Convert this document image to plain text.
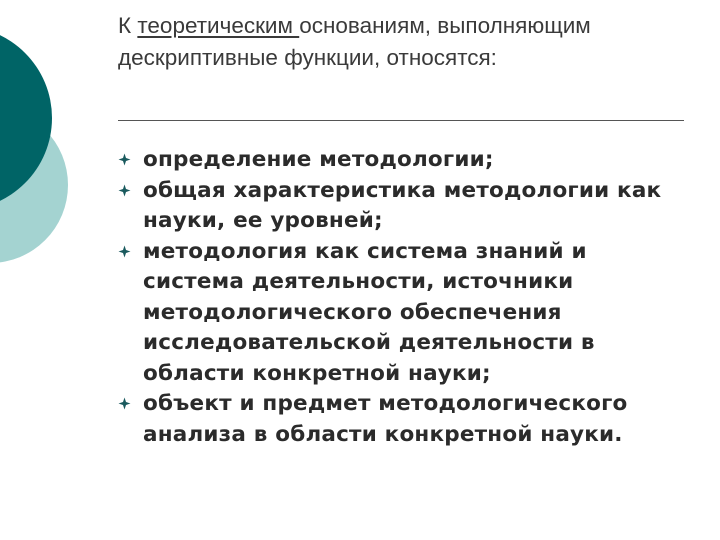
К теоретическим основаниям, выполняющим дескриптивные функции, относятся:
определение методологии;
общая характеристика методологии как науки, ее уровней;
методология как система знаний и система деятельности, источники методологического обеспечения исследовательской деятельности в области конкретной науки;
объект и предмет методологического анализа в области конкретной науки.
